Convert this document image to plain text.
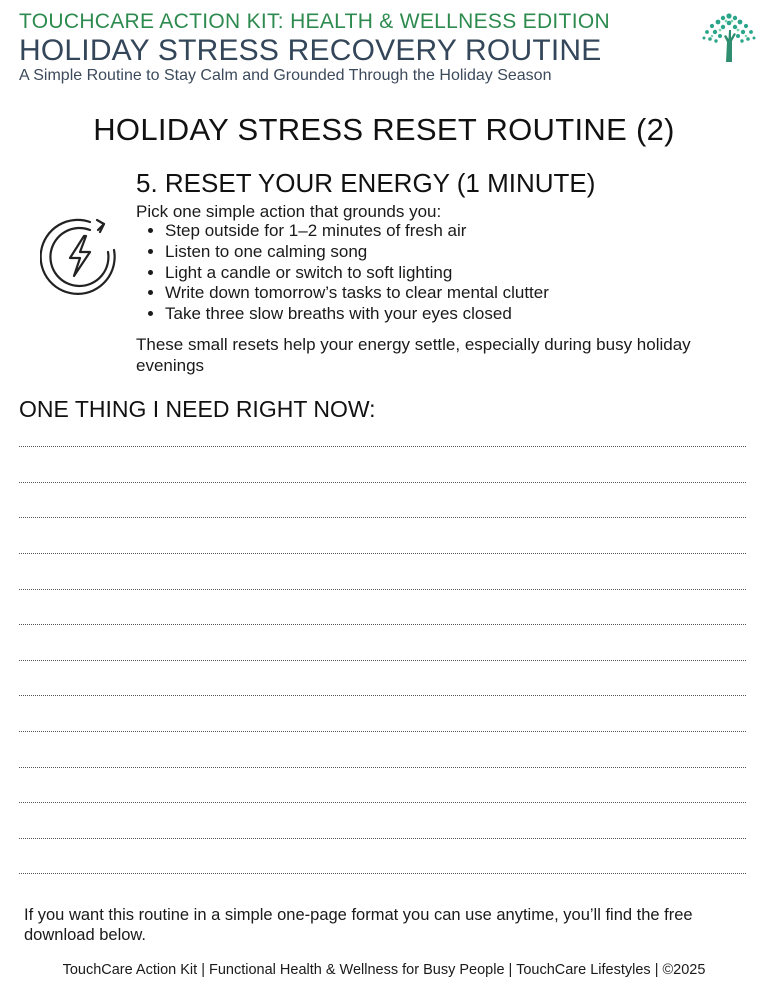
TOUCHCARE ACTION KIT: HEALTH & WELLNESS EDITION
HOLIDAY STRESS RECOVERY ROUTINE
A Simple Routine to Stay Calm and Grounded Through the Holiday Season
HOLIDAY STRESS RESET ROUTINE (2)
5. RESET YOUR ENERGY (1 MINUTE)
Pick one simple action that grounds you:
• Step outside for 1–2 minutes of fresh air
• Listen to one calming song
• Light a candle or switch to soft lighting
• Write down tomorrow’s tasks to clear mental clutter
• Take three slow breaths with your eyes closed
These small resets help your energy settle, especially during busy holiday evenings
ONE THING I NEED RIGHT NOW:
If you want this routine in a simple one-page format you can use anytime, you’ll find the free download below.
TouchCare Action Kit | Functional Health & Wellness for Busy People | TouchCare Lifestyles | ©2025
